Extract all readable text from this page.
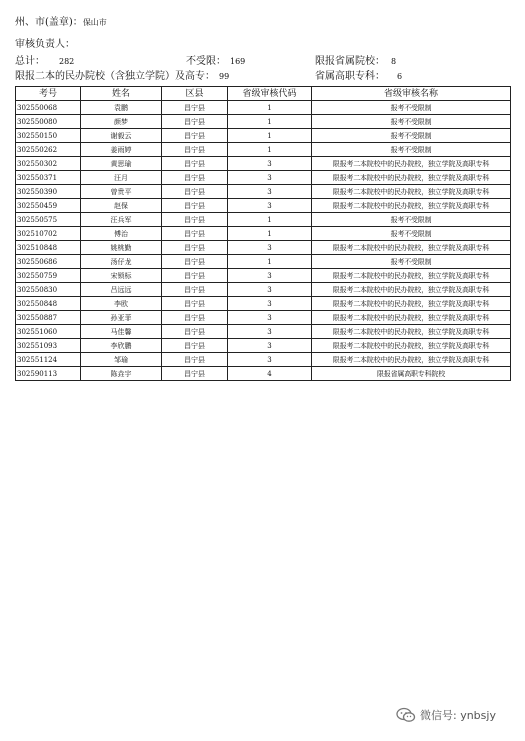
州、市(盖章)：保山市
审核负责人：
总计： 282	不受限： 169	限报省属院校： 8
限报二本的民办院校（含独立学院）及高专： 99	省属高职专科： 6
考号	姓名	区县	省级审核代码	省级审核名称
302550068	袁鹏	昌宁县	1	报考不受限制
302550080	颜梦	昌宁县	1	报考不受限制
302550150	谢毅云	昌宁县	1	报考不受限制
302550262	姜雨婷	昌宁县	1	报考不受限制
302550302	黄思瑜	昌宁县	3	限报考二本院校中的民办院校，独立学院及高职专科
302550371	汪月	昌宁县	3	限报考二本院校中的民办院校，独立学院及高职专科
302550390	曾贵平	昌宁县	3	限报考二本院校中的民办院校，独立学院及高职专科
302550459	赵保	昌宁县	3	限报考二本院校中的民办院校，独立学院及高职专科
302550575	汪兵军	昌宁县	1	报考不受限制
302510702	傅治	昌宁县	1	报考不受限制
302510848	姚桃勤	昌宁县	3	限报考二本院校中的民办院校，独立学院及高职专科
302550686	汤仔龙	昌宁县	1	报考不受限制
302550759	宋锁标	昌宁县	3	限报考二本院校中的民办院校，独立学院及高职专科
302550830	吕远远	昌宁县	3	限报考二本院校中的民办院校，独立学院及高职专科
302550848	李欧	昌宁县	3	限报考二本院校中的民办院校，独立学院及高职专科
302550887	孙亚菲	昌宁县	3	限报考二本院校中的民办院校，独立学院及高职专科
302551060	马佳馨	昌宁县	3	限报考二本院校中的民办院校，独立学院及高职专科
302551093	李欣鹏	昌宁县	3	限报考二本院校中的民办院校，独立学院及高职专科
302551124	邹瑜	昌宁县	3	限报考二本院校中的民办院校，独立学院及高职专科
302590113	陈垚宇	昌宁县	4	限报省属高职专科院校
微信号: ynbsjy
